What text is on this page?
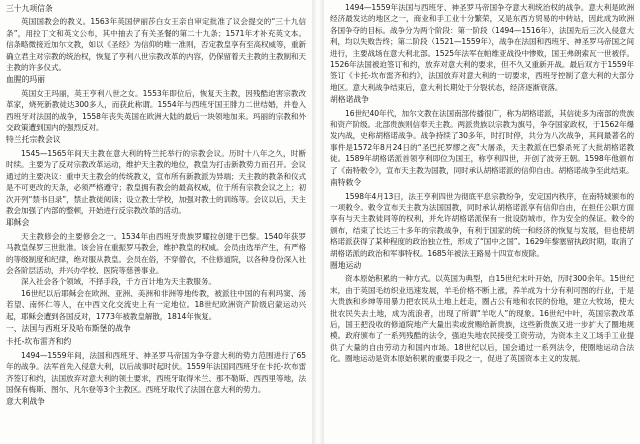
三十九项信条

英国国教会的教义。1563年英国伊丽莎白女王亲自审定批准了议会提交的“三十九信条”，用拉丁文和英文公布，其中抽去了有关圣餐的第二十九条；1571年才补充英文本。信条略微接近加尔文教，如以《圣经》为信仰的唯一准则，否定教皇享有至高权威等，重新确立君主对宗教的统治权，恢复了亨利八世宗教改革的内容，仍保留着天主教的主教制和天主教的许多仪式。

血腥的玛丽

英国女王玛丽，英王亨利八世之女。1553年即位后，恢复天主教，因残酷迫害宗教改革家，烧死新教徒达300多人，而获此称谓。1554年与西班牙国王腓力二世结婚，并卷入西班牙对法国的战争，1558年丧失英国在欧洲大陆的最后一块领地加来。玛丽的宗教和外交政策遭到国内的强烈反对。

特兰托宗教会议

1545—1565年间天主教在意大利的特兰托举行的宗教会议。历时十八年之久，时断时续。主要为了反对宗教改革运动，维护天主教的地位，教皇为打击新教势力而召开。会议通过的主要决议：重申天主教会的传统教义，宣布所有新教派为异端；天主教的教条和仪式是不可更改的天条，必须严格遵守；教皇拥有教会的最高权威，位于所有宗教会议之上；初次开列“禁书目录”，禁止教徒阅读；设立教士学校，加强对教士的训练等。会议以后，天主教会加强了内部的整顿，开始进行反宗教改革的活动。

耶稣会

天主教修会的主要修会之一。1534年由西班牙贵族罗耀拉创建于巴黎。1540年获罗马教皇保罗三世批准。该会旨在重振罗马教会，维护教皇的权威。会员由选举产生，有严格的等级制度和纪律，绝对服从教皇。会员在俗，不穿僧衣，不住修道院，以各种身份深入社会各阶层活动，并兴办学校、医院等慈善事业。

深入社会各个领域，不择手段，千方百计地为天主教服务。

16世纪以后耶稣会在欧洲、亚洲、美洲和非洲等地传教，被派往中国的有利玛窦、汤若望、南怀仁等人，在中西文化交流史上有一定地位。18世纪欧洲资产阶级启蒙运动兴起，耶稣会遭到各国反对，1773年被教皇解散，1814年恢复。

一、法国与西班牙及哈布斯堡的战争
卡托-坎布雷齐和约

1494—1559年间，法国和西班牙、神圣罗马帝国为争夺意大利的势力范围进行了65年的战争。法军首先入侵意大利，以后战事时起时伏。1559年法国同西班牙在卡托-坎布雷齐签订和约，法国放弃对意大利的领土要求，西班牙取得米兰、那不勒斯、西西里等地，法国保有梅斯、图尔、凡尔登等3个主教区。西班牙取代了法国在意大利的势力。

意大利战争

1494—1559年法国与西班牙、神圣罗马帝国争夺意大利统治权的战争。意大利是欧洲经济最发达的地区之一，商业和手工业十分繁荣，又是东西方贸易的中转站，因此成为欧洲各国争夺的目标。战争分为两个阶段：第一阶段（1494—1516年），法国先后三次入侵意大利，均以失败告终；第二阶段（1521—1559年），战争在法国和西班牙、神圣罗马帝国之间进行，主要战场在意大利北部。1525年法军在帕维亚战役中惨败，国王弗朗索瓦一世被俘。1526年法国被迫签订和约，放弃对意大利的要求，但不久又重新开战。最后双方于1559年签订《卡托-坎布雷齐和约》，法国放弃对意大利的一切要求，西班牙控制了意大利的大部分地区。意大利战争结束后，意大利长期处于分裂状态，经济逐渐衰落。

胡格诺战争

16世纪40年代，加尔文教在法国南部传播很广，称为胡格诺派，其信徒多为南部的贵族和资产阶级。北部贵族则信奉天主教。两派贵族以宗教为旗号，争夺国家政权，于1562年爆发内战，史称胡格诺战争。战争持续了30多年，时打时停，共分为八次战争，其间最著名的事件是1572年8月24日的“圣巴托罗缪之夜”大屠杀，天主教派在巴黎杀死了大批胡格诺教徒。1589年胡格诺派首领亨利即位为国王，称亨利四世，开创了波旁王朝。1598年他颁布了《南特敕令》，宣布天主教为国教，同时承认胡格诺派的信仰自由。胡格诺战争至此结束。

南特敕令

1598年4月13日，法王亨利四世为彻底平息宗教纷争，安定国内秩序，在南特城颁布的一项敕令。敕令宣布天主教为法国国教，同时承认胡格诺派享有信仰自由，在担任公职方面享有与天主教徒同等的权利，并允许胡格诺派保有一批设防城市，作为安全的保证。敕令的颁布，结束了长达三十多年的宗教战争，有利于国家的统一和经济的恢复与发展，但也使胡格诺派获得了某种程度的政治独立性，形成了“国中之国”。1629年黎塞留执政时期，取消了胡格诺派的政治和军事特权。1685年被法王路易十四宣布废除。

圈地运动

资本原始积累的一种方式。以英国为典型，自15世纪末叶开始，历时300余年。15世纪末，由于英国毛纺织业迅速发展，羊毛价格不断上涨，养羊成为十分有利可图的行业，于是大贵族和乡绅等用暴力把农民从土地上赶走，圈占公有地和农民的份地，建立大牧场，使大批农民失去土地，成为流浪者，出现了所谓“羊吃人”的现象。16世纪中叶，英国宗教改革后，国王把没收的修道院地产大量出卖或赏赐给新贵族，这些新贵族又进一步扩大了圈地规模。政府颁布了一系列残酷的法令，强迫失地农民接受工资劳动，为资本主义工场手工业提供了大量的自由劳动力和国内市场。18世纪以后，国会通过一系列法令，使圈地运动合法化。圈地运动是资本原始积累的重要手段之一，促进了英国资本主义的发展。
